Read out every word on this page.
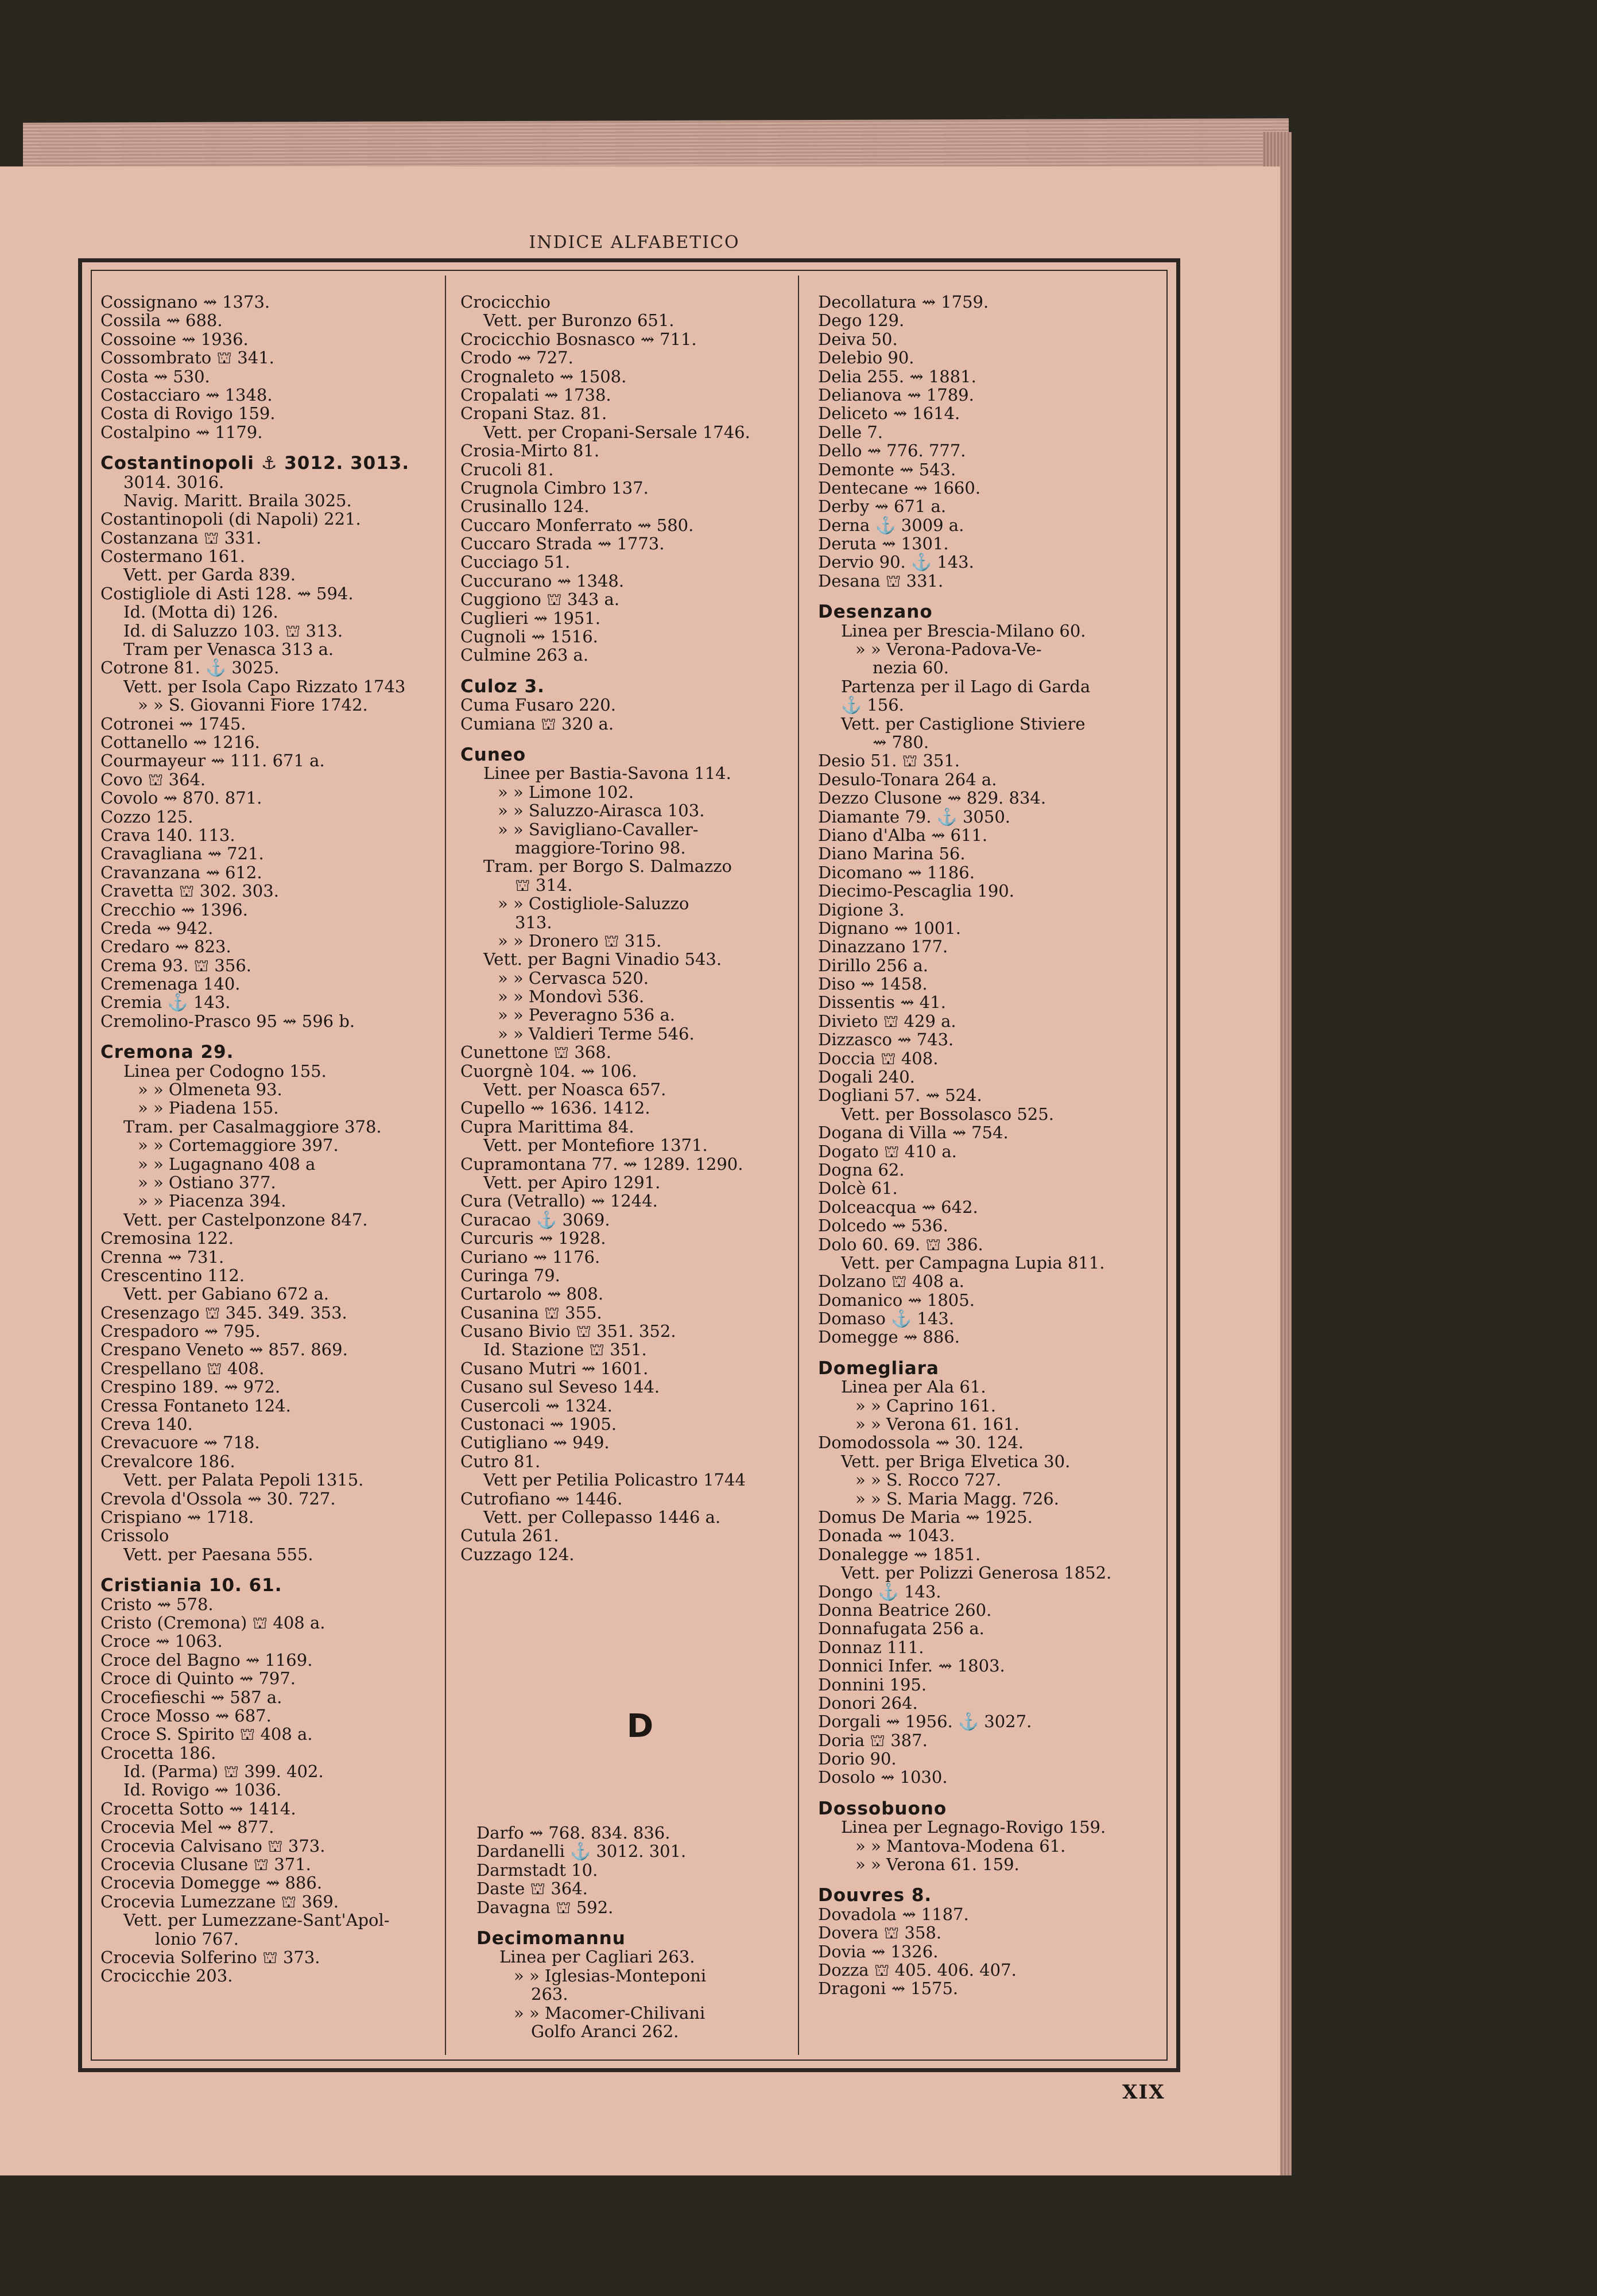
INDICE ALFABETICO
Cossignano ⇝ 1373.
Cossila ⇝ 688.
Cossoine ⇝ 1936.
Cossombrato ⛫ 341.
Costa ⇝ 530.
Costacciaro ⇝ 1348.
Costa di Rovigo 159.
Costalpino ⇝ 1179.
Costantinopoli ⚓ 3012. 3013.
3014. 3016.
Navig. Maritt. Braila 3025.
Costantinopoli (di Napoli) 221.
Costanzana ⛫ 331.
Costermano 161.
Vett. per Garda 839.
Costigliole di Asti 128. ⇝ 594.
Id. (Motta di) 126.
Id. di Saluzzo 103. ⛫ 313.
Tram per Venasca 313 a.
Cotrone 81. ⚓ 3025.
Vett. per Isola Capo Rizzato 1743
» » S. Giovanni Fiore 1742.
Cotronei ⇝ 1745.
Cottanello ⇝ 1216.
Courmayeur ⇝ 111. 671 a.
Covo ⛫ 364.
Covolo ⇝ 870. 871.
Cozzo 125.
Crava 140. 113.
Cravagliana ⇝ 721.
Cravanzana ⇝ 612.
Cravetta ⛫ 302. 303.
Crecchio ⇝ 1396.
Creda ⇝ 942.
Credaro ⇝ 823.
Crema 93. ⛫ 356.
Cremenaga 140.
Cremia ⚓ 143.
Cremolino-Prasco 95 ⇝ 596 b.
Cremona 29.
Linea per Codogno 155.
» » Olmeneta 93.
» » Piadena 155.
Tram. per Casalmaggiore 378.
» » Cortemaggiore 397.
» » Lugagnano 408 a
» » Ostiano 377.
» » Piacenza 394.
Vett. per Castelponzone 847.
Cremosina 122.
Crenna ⇝ 731.
Crescentino 112.
Vett. per Gabiano 672 a.
Cresenzago ⛫ 345. 349. 353.
Crespadoro ⇝ 795.
Crespano Veneto ⇝ 857. 869.
Crespellano ⛫ 408.
Crespino 189. ⇝ 972.
Cressa Fontaneto 124.
Creva 140.
Crevacuore ⇝ 718.
Crevalcore 186.
Vett. per Palata Pepoli 1315.
Crevola d'Ossola ⇝ 30. 727.
Crispiano ⇝ 1718.
Crissolo
Vett. per Paesana 555.
Cristiania 10. 61.
Cristo ⇝ 578.
Cristo (Cremona) ⛫ 408 a.
Croce ⇝ 1063.
Croce del Bagno ⇝ 1169.
Croce di Quinto ⇝ 797.
Crocefieschi ⇝ 587 a.
Croce Mosso ⇝ 687.
Croce S. Spirito ⛫ 408 a.
Crocetta 186.
Id. (Parma) ⛫ 399. 402.
Id. Rovigo ⇝ 1036.
Crocetta Sotto ⇝ 1414.
Crocevia Mel ⇝ 877.
Crocevia Calvisano ⛫ 373.
Crocevia Clusane ⛫ 371.
Crocevia Domegge ⇝ 886.
Crocevia Lumezzane ⛫ 369.
Vett. per Lumezzane-Sant'Apol-
lonio 767.
Crocevia Solferino ⛫ 373.
Crocicchie 203.
Crocicchio
Vett. per Buronzo 651.
Crocicchio Bosnasco ⇝ 711.
Crodo ⇝ 727.
Crognaleto ⇝ 1508.
Cropalati ⇝ 1738.
Cropani Staz. 81.
Vett. per Cropani-Sersale 1746.
Crosia-Mirto 81.
Crucoli 81.
Crugnola Cimbro 137.
Crusinallo 124.
Cuccaro Monferrato ⇝ 580.
Cuccaro Strada ⇝ 1773.
Cucciago 51.
Cuccurano ⇝ 1348.
Cuggiono ⛫ 343 a.
Cuglieri ⇝ 1951.
Cugnoli ⇝ 1516.
Culmine 263 a.
Culoz 3.
Cuma Fusaro 220.
Cumiana ⛫ 320 a.
Cuneo
Linee per Bastia-Savona 114.
» » Limone 102.
» » Saluzzo-Airasca 103.
» » Savigliano-Cavaller-
maggiore-Torino 98.
Tram. per Borgo S. Dalmazzo
⛫ 314.
» » Costigliole-Saluzzo
313.
» » Dronero ⛫ 315.
Vett. per Bagni Vinadio 543.
» » Cervasca 520.
» » Mondovì 536.
» » Peveragno 536 a.
» » Valdieri Terme 546.
Cunettone ⛫ 368.
Cuorgnè 104. ⇝ 106.
Vett. per Noasca 657.
Cupello ⇝ 1636. 1412.
Cupra Marittima 84.
Vett. per Montefiore 1371.
Cupramontana 77. ⇝ 1289. 1290.
Vett. per Apiro 1291.
Cura (Vetrallo) ⇝ 1244.
Curacao ⚓ 3069.
Curcuris ⇝ 1928.
Curiano ⇝ 1176.
Curinga 79.
Curtarolo ⇝ 808.
Cusanina ⛫ 355.
Cusano Bivio ⛫ 351. 352.
Id. Stazione ⛫ 351.
Cusano Mutri ⇝ 1601.
Cusano sul Seveso 144.
Cusercoli ⇝ 1324.
Custonaci ⇝ 1905.
Cutigliano ⇝ 949.
Cutro 81.
Vett per Petilia Policastro 1744
Cutrofiano ⇝ 1446.
Vett. per Collepasso 1446 a.
Cutula 261.
Cuzzago 124.
Decollatura ⇝ 1759.
Dego 129.
Deiva 50.
Delebio 90.
Delia 255. ⇝ 1881.
Delianova ⇝ 1789.
Deliceto ⇝ 1614.
Delle 7.
Dello ⇝ 776. 777.
Demonte ⇝ 543.
Dentecane ⇝ 1660.
Derby ⇝ 671 a.
Derna ⚓ 3009 a.
Deruta ⇝ 1301.
Dervio 90. ⚓ 143.
Desana ⛫ 331.
Desenzano
Linea per Brescia-Milano 60.
» » Verona-Padova-Ve-
nezia 60.
Partenza per il Lago di Garda
⚓ 156.
Vett. per Castiglione Stiviere
⇝ 780.
Desio 51. ⛫ 351.
Desulo-Tonara 264 a.
Dezzo Clusone ⇝ 829. 834.
Diamante 79. ⚓ 3050.
Diano d'Alba ⇝ 611.
Diano Marina 56.
Dicomano ⇝ 1186.
Diecimo-Pescaglia 190.
Digione 3.
Dignano ⇝ 1001.
Dinazzano 177.
Dirillo 256 a.
Diso ⇝ 1458.
Dissentis ⇝ 41.
Divieto ⛫ 429 a.
Dizzasco ⇝ 743.
Doccia ⛫ 408.
Dogali 240.
Dogliani 57. ⇝ 524.
Vett. per Bossolasco 525.
Dogana di Villa ⇝ 754.
Dogato ⛫ 410 a.
Dogna 62.
Dolcè 61.
Dolceacqua ⇝ 642.
Dolcedo ⇝ 536.
Dolo 60. 69. ⛫ 386.
Vett. per Campagna Lupia 811.
Dolzano ⛫ 408 a.
Domanico ⇝ 1805.
Domaso ⚓ 143.
Domegge ⇝ 886.
Domegliara
Linea per Ala 61.
» » Caprino 161.
» » Verona 61. 161.
Domodossola ⇝ 30. 124.
Vett. per Briga Elvetica 30.
» » S. Rocco 727.
» » S. Maria Magg. 726.
Domus De Maria ⇝ 1925.
Donada ⇝ 1043.
Donalegge ⇝ 1851.
Vett. per Polizzi Generosa 1852.
Dongo ⚓ 143.
Donna Beatrice 260.
Donnafugata 256 a.
Donnaz 111.
Donnici Infer. ⇝ 1803.
Donnini 195.
Donori 264.
Dorgali ⇝ 1956. ⚓ 3027.
Doria ⛫ 387.
Dorio 90.
Dosolo ⇝ 1030.
Dossobuono
Linea per Legnago-Rovigo 159.
» » Mantova-Modena 61.
» » Verona 61. 159.
Douvres 8.
Dovadola ⇝ 1187.
Dovera ⛫ 358.
Dovia ⇝ 1326.
Dozza ⛫ 405. 406. 407.
Dragoni ⇝ 1575.
D
Darfo ⇝ 768. 834. 836.
Dardanelli ⚓ 3012. 301.
Darmstadt 10.
Daste ⛫ 364.
Davagna ⛫ 592.
Decimomannu
Linea per Cagliari 263.
» » Iglesias-Monteponi
263.
» » Macomer-Chilivani
Golfo Aranci 262.
XIX
